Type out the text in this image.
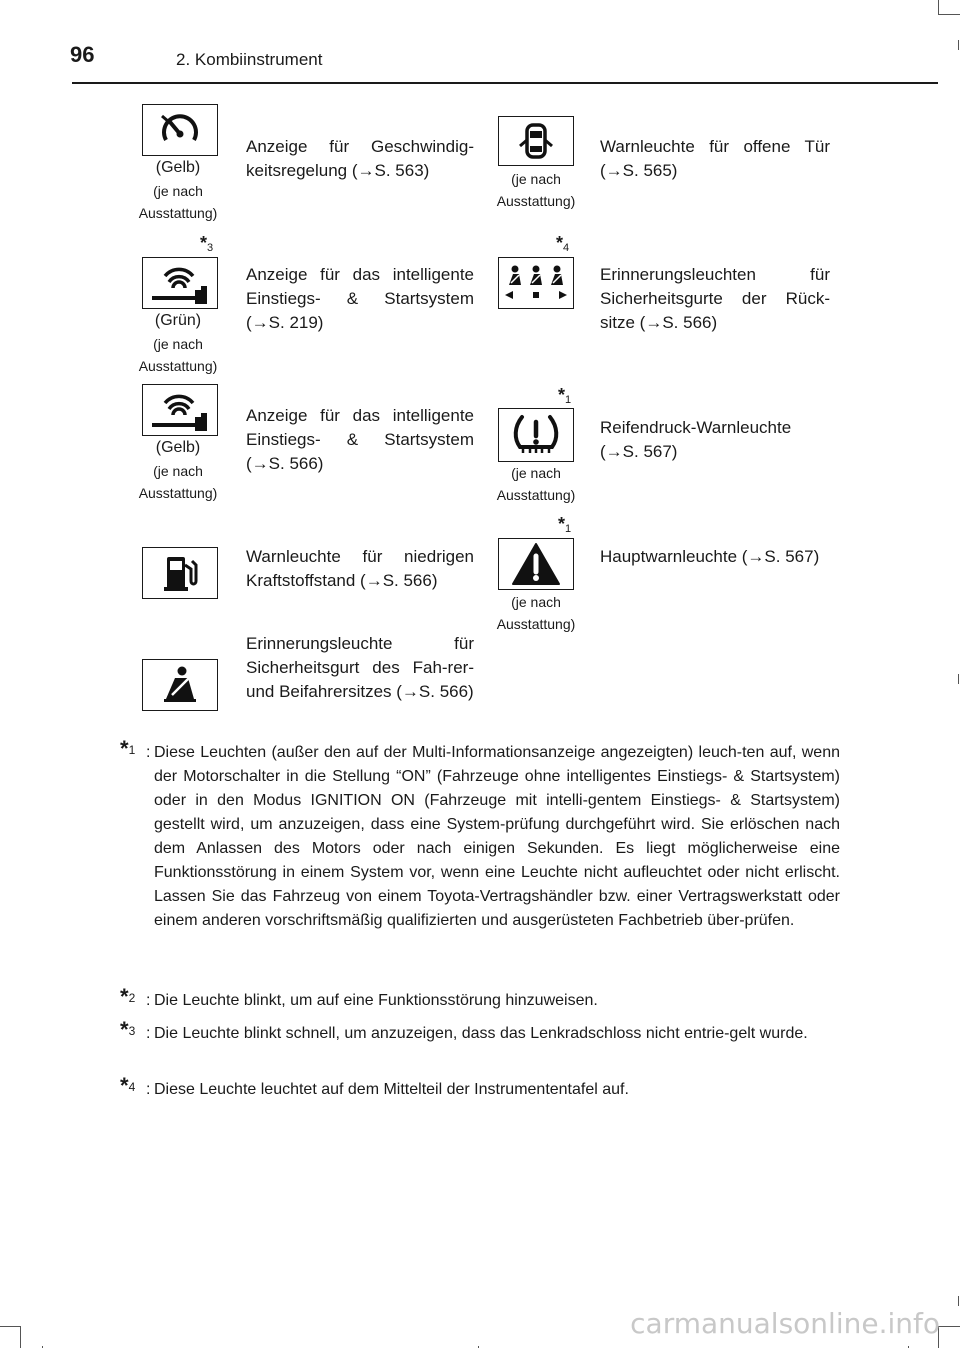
96	2. Kombiinstrument
(Gelb)
(je nach Ausstattung)
Anzeige für Geschwindig-keitsregelung (→S. 563)	(je nach Ausstattung)
Warnleuchte für offene Tür (→S. 565)
$*_3$
(Grün)
(je nach Ausstattung)
Anzeige für das intelligente Einstiegs- & Startsystem (→S. 219)
$*_4$
Erinnerungsleuchten für Sicherheitsgurte der Rück-sitze (→S. 566)
(Gelb)
(je nach Ausstattung)
Anzeige für das intelligente Einstiegs- & Startsystem (→S. 566)
$*_1$
(je nach Ausstattung)
Reifendruck-Warnleuchte (→S. 567)
Warnleuchte für niedrigen Kraftstoffstand (→S. 566)
$*_1$
(je nach Ausstattung)
Hauptwarnleuchte (→S. 567)
Erinnerungsleuchte für Sicherheitsgurt des Fah-rer- und Beifahrersitzes (→S. 566)
$*_1$ : Diese Leuchten (außer den auf der Multi-Informationsanzeige angezeigten) leuch-ten auf, wenn der Motorschalter in die Stellung “ON” (Fahrzeuge ohne intelligentes Einstiegs- & Startsystem) oder in den Modus IGNITION ON (Fahrzeuge mit intelli-gentem Einstiegs- & Startsystem) gestellt wird, um anzuzeigen, dass eine System-prüfung durchgeführt wird. Sie erlöschen nach dem Anlassen des Motors oder nach einigen Sekunden. Es liegt möglicherweise eine Funktionsstörung in einem System vor, wenn eine Leuchte nicht aufleuchtet oder nicht erlischt. Lassen Sie das Fahrzeug von einem Toyota-Vertragshändler bzw. einer Vertragswerkstatt oder einem anderen vorschriftsmäßig qualifizierten und ausgerüsteten Fachbetrieb über-prüfen.
$*_2$ : Die Leuchte blinkt, um auf eine Funktionsstörung hinzuweisen.
$*_3$ : Die Leuchte blinkt schnell, um anzuzeigen, dass das Lenkradschloss nicht entrie-gelt wurde.
$*_4$ : Diese Leuchte leuchtet auf dem Mittelteil der Instrumententafel auf.
carmanualsonline.info
